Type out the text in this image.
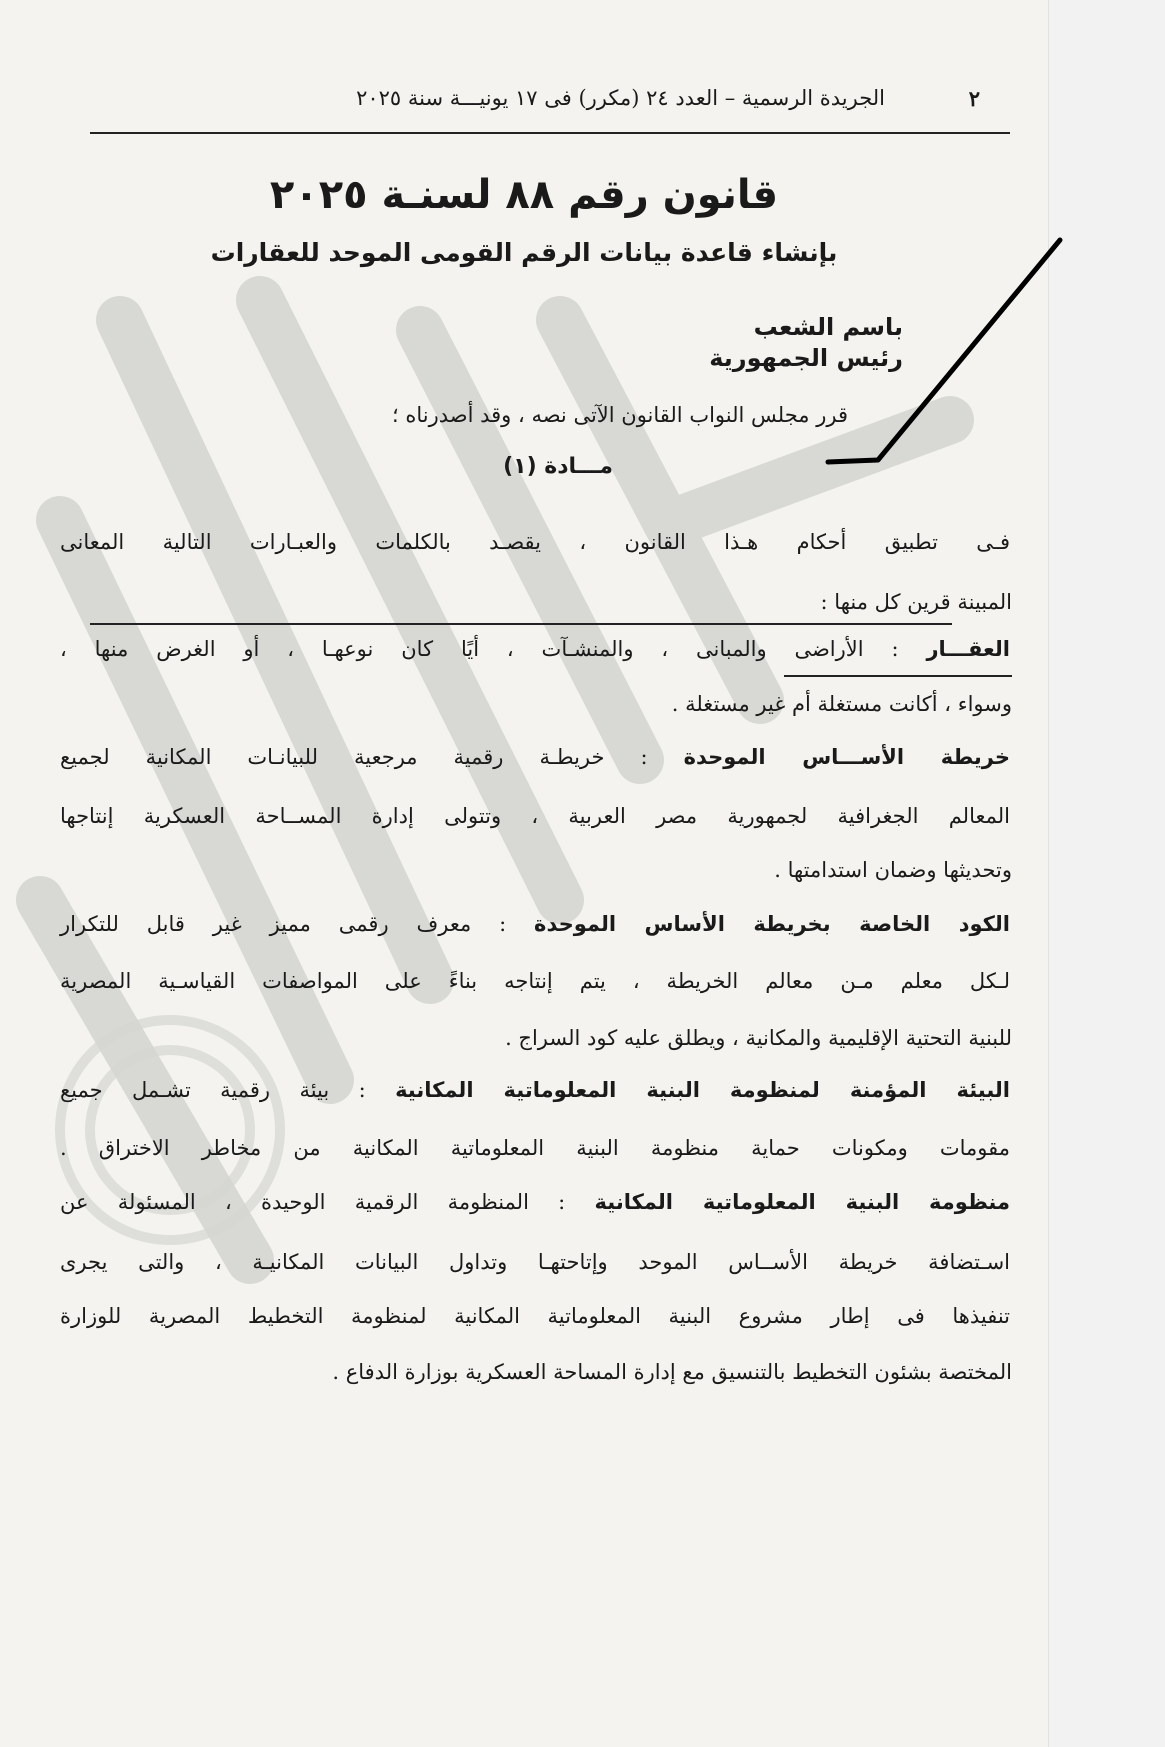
٢
الجريدة الرسمية – العدد ٢٤ (مكرر) فى ١٧ يونيـــة سنة ٢٠٢٥
قانون رقم ٨٨ لسنـة ٢٠٢٥
بإنشاء قاعدة بيانات الرقم القومى الموحد للعقارات
باسم الشعب
رئيس الجمهورية
قرر مجلس النواب القانون الآتى نصه ، وقد أصدرناه ؛
مـــادة (١)
فـى تطبيق أحكام هـذا القانون ، يقصـد بالكلمات والعبـارات التالية المعانى
المبينة قرين كل منها :
العقـــار : الأراضى والمبانى ، والمنشـآت ، أيًا كان نوعهـا ، أو الغرض منها ،
وسواء ، أكانت مستغلة أم غير مستغلة .
خريطة الأســـاس الموحدة : خريطـة رقمية مرجعية للبيانـات المكانية لجميع
المعالم الجغرافية لجمهورية مصر العربية ، وتتولى إدارة المســاحة العسكرية إنتاجها
وتحديثها وضمان استدامتها .
الكود الخاصة بخريطة الأساس الموحدة : معرف رقمى مميز غير قابل للتكرار
لـكل معلم مـن معالم الخريطة ، يتم إنتاجه بناءً على المواصفات القياسـية المصرية
للبنية التحتية الإقليمية والمكانية ، ويطلق عليه كود السراج .
البيئة المؤمنة لمنظومة البنية المعلوماتية المكانية : بيئة رقمية تشـمل جميع
مقومات ومكونات حماية منظومة البنية المعلوماتية المكانية من مخاطر الاختراق .
منظومة البنية المعلوماتية المكانية : المنظومة الرقمية الوحيدة ، المسئولة عن
اسـتضافة خريطة الأســاس الموحد وإتاحتهـا وتداول البيانات المكانيـة ، والتى يجرى
تنفيذها فى إطار مشروع البنية المعلوماتية المكانية لمنظومة التخطيط المصرية للوزارة
المختصة بشئون التخطيط بالتنسيق مع إدارة المساحة العسكرية بوزارة الدفاع .
